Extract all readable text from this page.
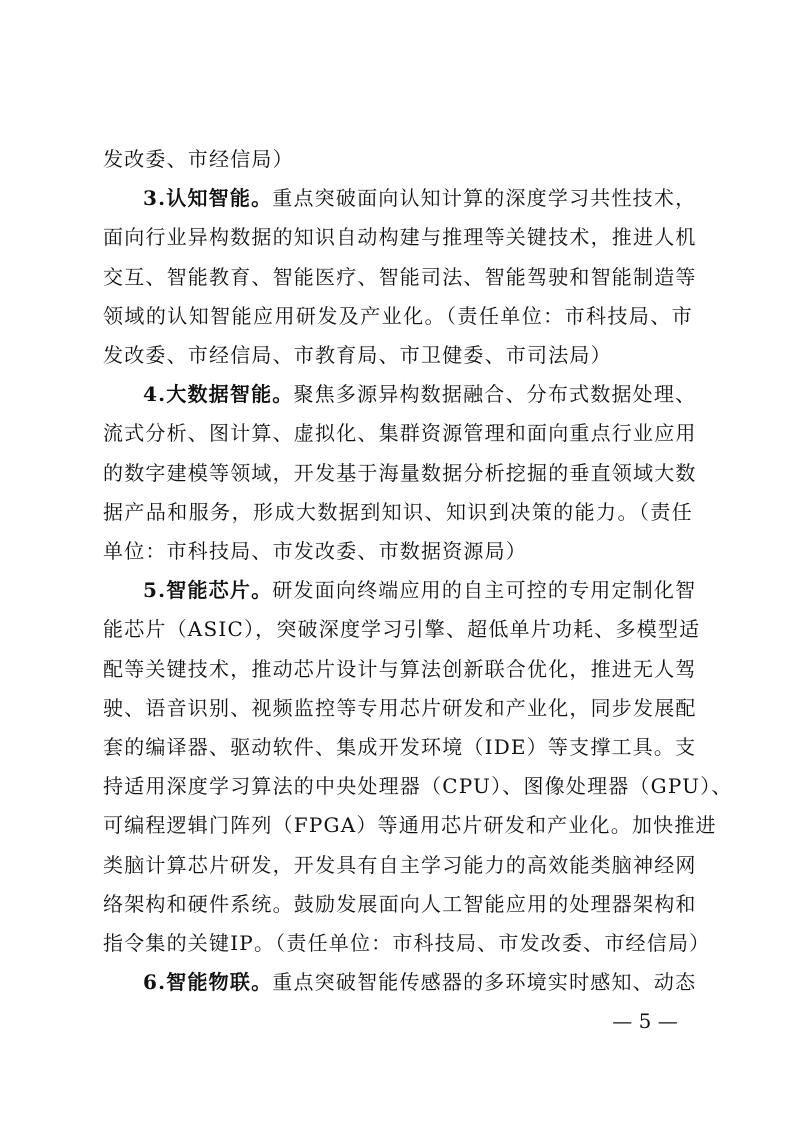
发改委、市经信局）
3.认知智能。重点突破面向认知计算的深度学习共性技术，
面向行业异构数据的知识自动构建与推理等关键技术，推进人机
交互、智能教育、智能医疗、智能司法、智能驾驶和智能制造等
领域的认知智能应用研发及产业化。（责任单位：市科技局、市
发改委、市经信局、市教育局、市卫健委、市司法局）
4.大数据智能。聚焦多源异构数据融合、分布式数据处理、
流式分析、图计算、虚拟化、集群资源管理和面向重点行业应用
的数字建模等领域，开发基于海量数据分析挖掘的垂直领域大数
据产品和服务，形成大数据到知识、知识到决策的能力。（责任
单位：市科技局、市发改委、市数据资源局）
5.智能芯片。研发面向终端应用的自主可控的专用定制化智
能芯片（ASIC），突破深度学习引擎、超低单片功耗、多模型适
配等关键技术，推动芯片设计与算法创新联合优化，推进无人驾
驶、语音识别、视频监控等专用芯片研发和产业化，同步发展配
套的编译器、驱动软件、集成开发环境（IDE）等支撑工具。支
持适用深度学习算法的中央处理器（CPU）、图像处理器（GPU）、
可编程逻辑门阵列（FPGA）等通用芯片研发和产业化。加快推进
类脑计算芯片研发，开发具有自主学习能力的高效能类脑神经网
络架构和硬件系统。鼓励发展面向人工智能应用的处理器架构和
指令集的关键IP。（责任单位：市科技局、市发改委、市经信局）
6.智能物联。重点突破智能传感器的多环境实时感知、动态
— 5 —
